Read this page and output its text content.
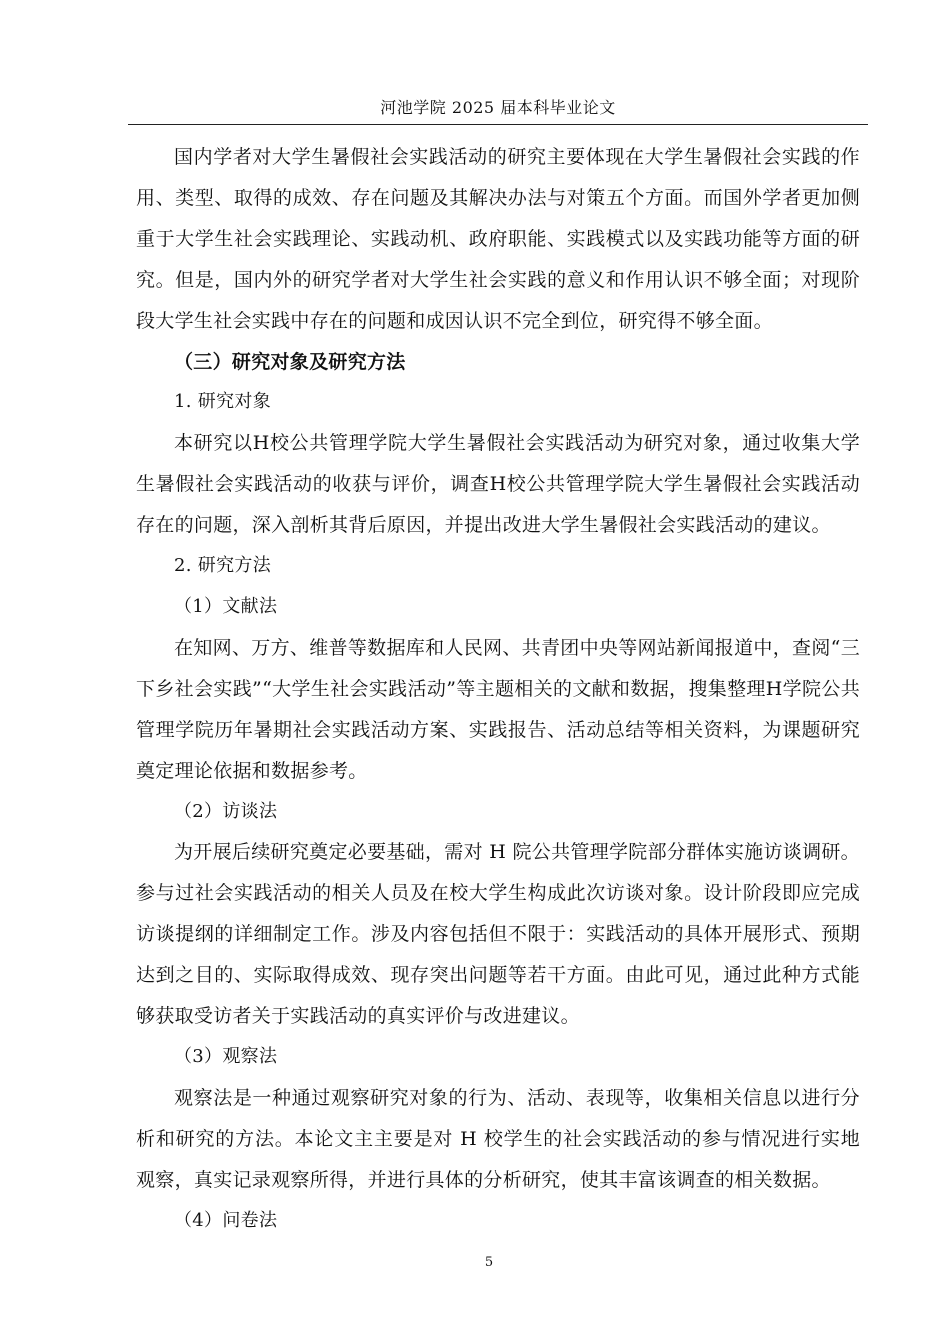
河池学院 2025 届本科毕业论文

国内学者对大学生暑假社会实践活动的研究主要体现在大学生暑假社会实践的作用、类型、取得的成效、存在问题及其解决办法与对策五个方面。而国外学者更加侧重于大学生社会实践理论、实践动机、政府职能、实践模式以及实践功能等方面的研究。但是，国内外的研究学者对大学生社会实践的意义和作用认识不够全面；对现阶段大学生社会实践中存在的问题和成因认识不完全到位，研究得不够全面。

（三）研究对象及研究方法

1. 研究对象

本研究以H校公共管理学院大学生暑假社会实践活动为研究对象，通过收集大学生暑假社会实践活动的收获与评价，调查H校公共管理学院大学生暑假社会实践活动存在的问题，深入剖析其背后原因，并提出改进大学生暑假社会实践活动的建议。

2. 研究方法

（1）文献法

在知网、万方、维普等数据库和人民网、共青团中央等网站新闻报道中，查阅“三下乡社会实践”“大学生社会实践活动”等主题相关的文献和数据，搜集整理H学院公共管理学院历年暑期社会实践活动方案、实践报告、活动总结等相关资料，为课题研究奠定理论依据和数据参考。

（2）访谈法

为开展后续研究奠定必要基础，需对 H 院公共管理学院部分群体实施访谈调研。参与过社会实践活动的相关人员及在校大学生构成此次访谈对象。设计阶段即应完成访谈提纲的详细制定工作。涉及内容包括但不限于：实践活动的具体开展形式、预期达到之目的、实际取得成效、现存突出问题等若干方面。由此可见，通过此种方式能够获取受访者关于实践活动的真实评价与改进建议。

（3）观察法

观察法是一种通过观察研究对象的行为、活动、表现等，收集相关信息以进行分析和研究的方法。本论文主主要是对 H 校学生的社会实践活动的参与情况进行实地观察，真实记录观察所得，并进行具体的分析研究，使其丰富该调查的相关数据。

（4）问卷法

5
